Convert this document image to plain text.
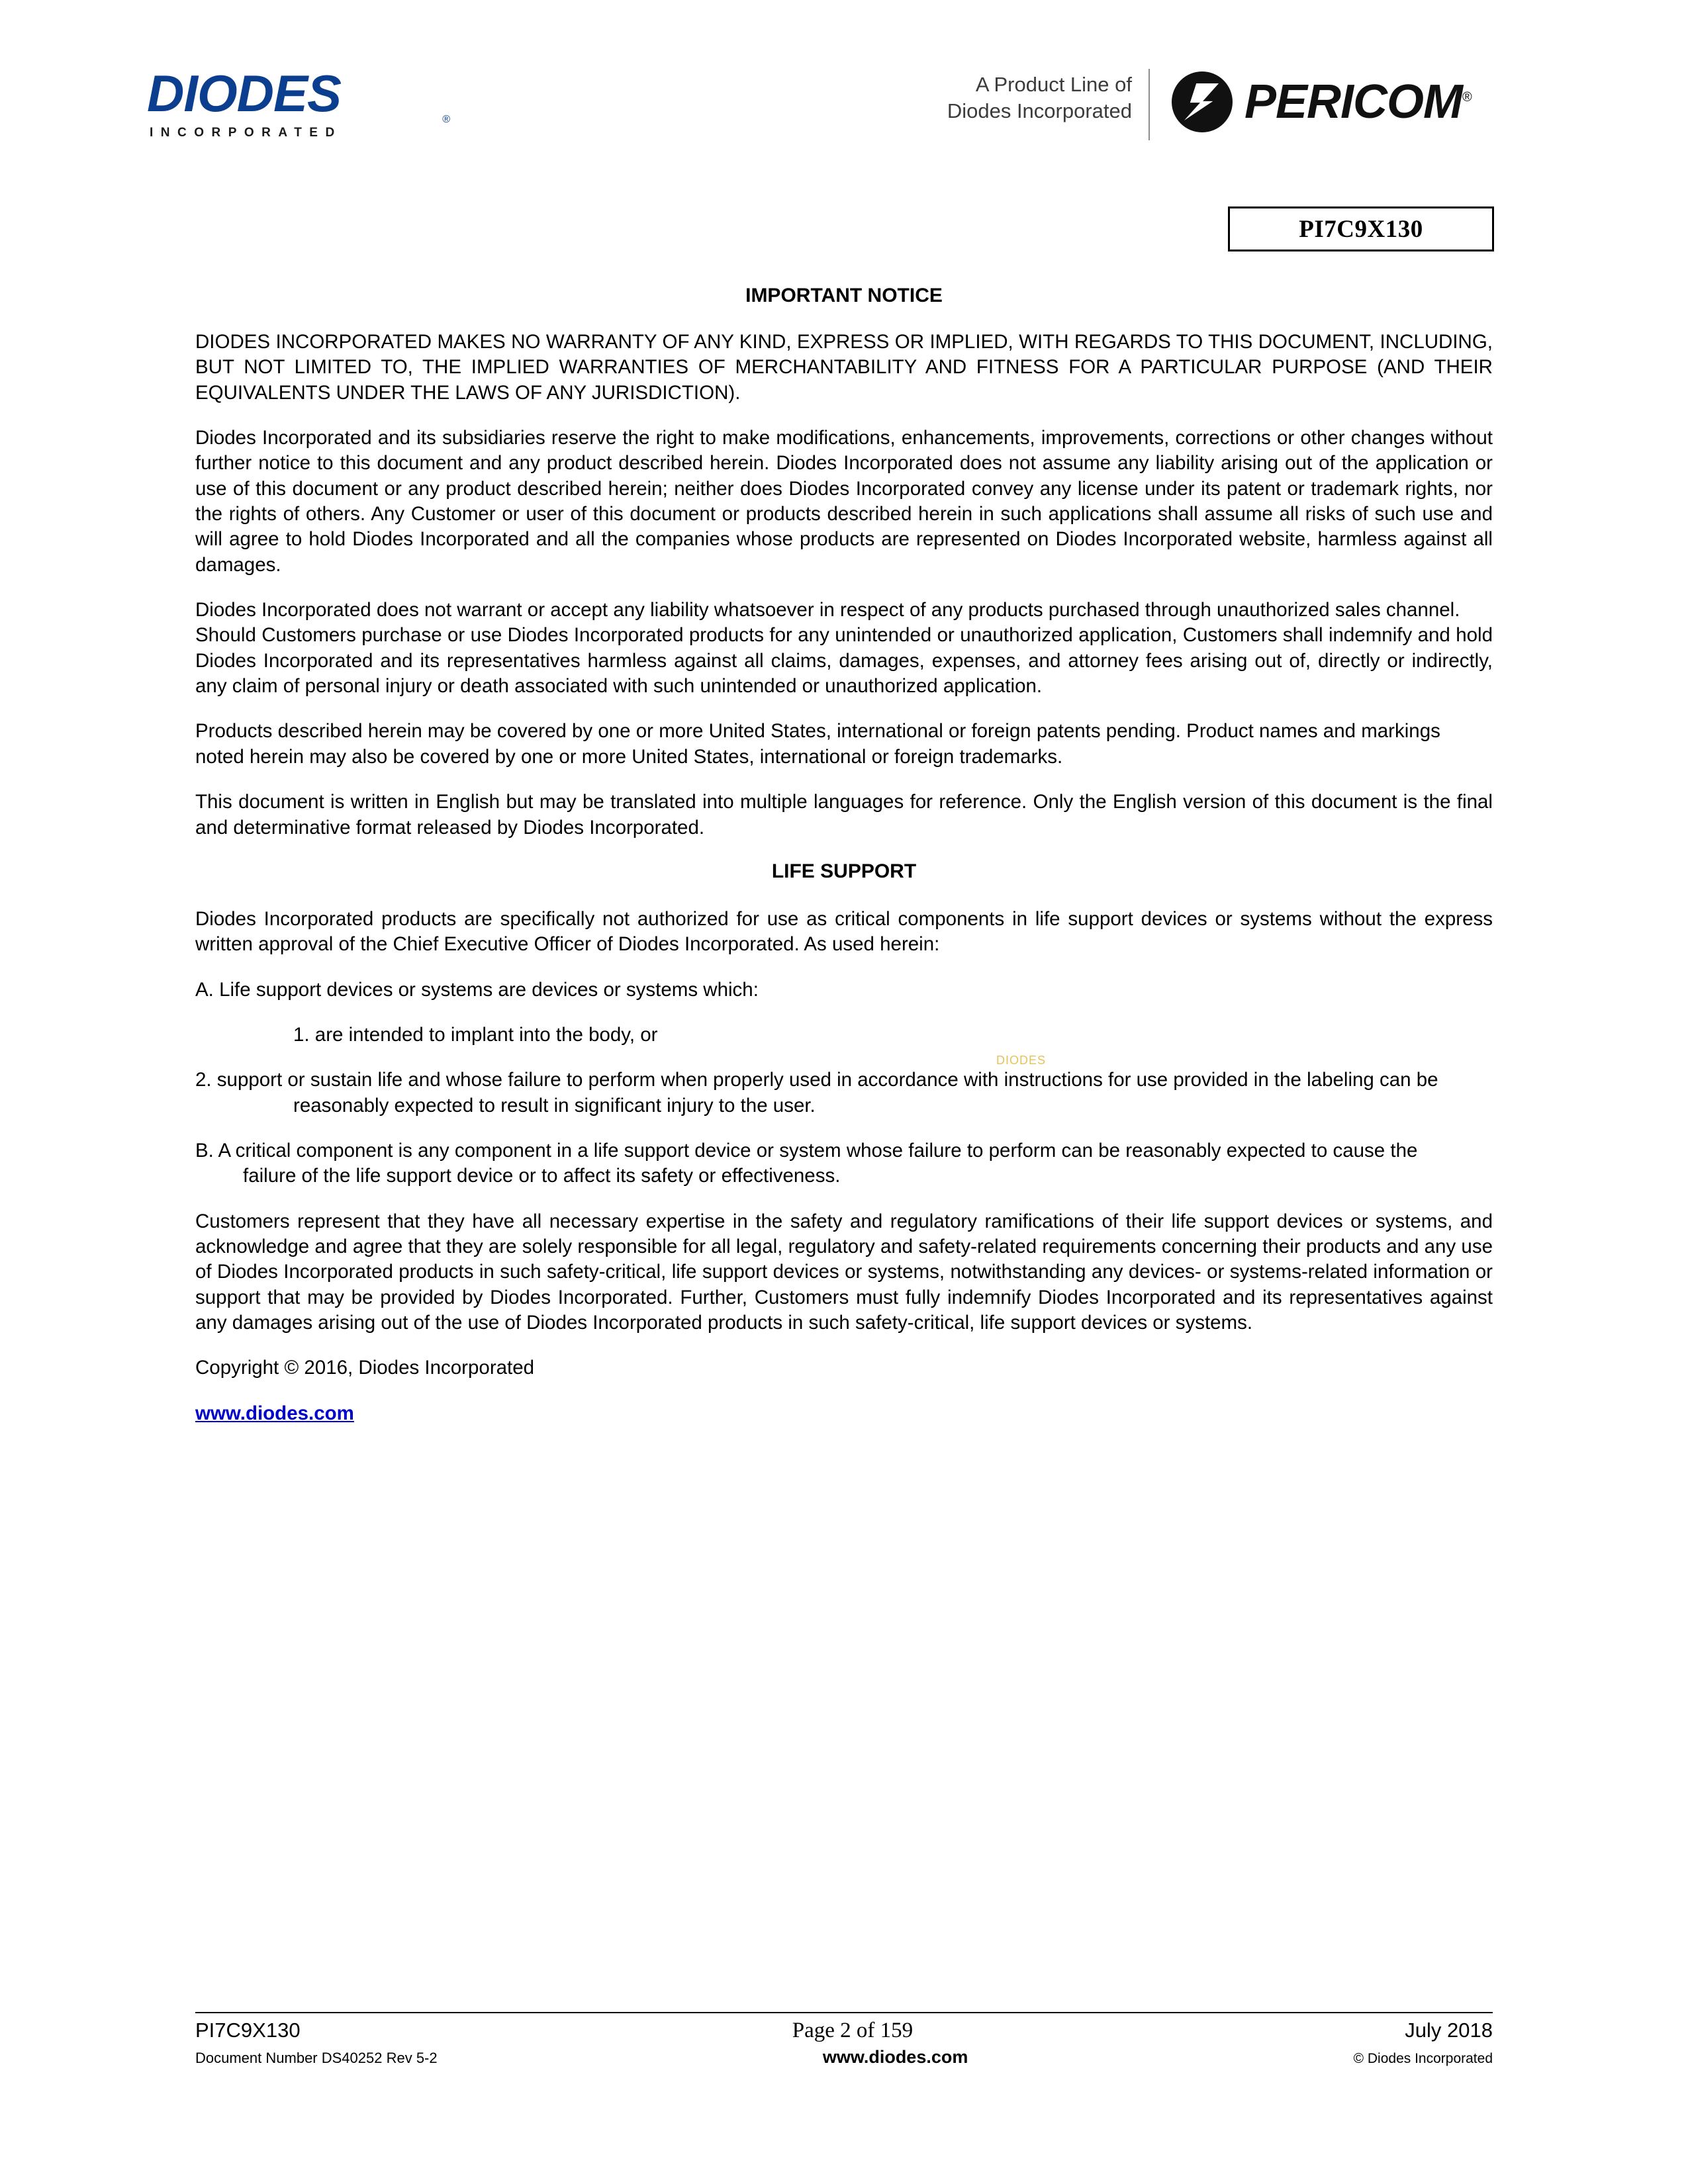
DIODES
INCORPORATED
®
A Product Line of
Diodes Incorporated PERICOM®
PI7C9X130
IMPORTANT NOTICE

DIODES INCORPORATED MAKES NO WARRANTY OF ANY KIND, EXPRESS OR IMPLIED, WITH REGARDS TO THIS DOCUMENT, INCLUDING, BUT NOT LIMITED TO, THE IMPLIED WARRANTIES OF MERCHANTABILITY AND FITNESS FOR A PARTICULAR PURPOSE (AND THEIR EQUIVALENTS UNDER THE LAWS OF ANY JURISDICTION).

Diodes Incorporated and its subsidiaries reserve the right to make modifications, enhancements, improvements, corrections or other changes without further notice to this document and any product described herein. Diodes Incorporated does not assume any liability arising out of the application or use of this document or any product described herein; neither does Diodes Incorporated convey any license under its patent or trademark rights, nor the rights of others. Any Customer or user of this document or products described herein in such applications shall assume all risks of such use and will agree to hold Diodes Incorporated and all the companies whose products are represented on Diodes Incorporated website, harmless against all damages.

Diodes Incorporated does not warrant or accept any liability whatsoever in respect of any products purchased through unauthorized sales channel.

Should Customers purchase or use Diodes Incorporated products for any unintended or unauthorized application, Customers shall indemnify and hold Diodes Incorporated and its representatives harmless against all claims, damages, expenses, and attorney fees arising out of, directly or indirectly, any claim of personal injury or death associated with such unintended or unauthorized application.

Products described herein may be covered by one or more United States, international or foreign patents pending. Product names and markings noted herein may also be covered by one or more United States, international or foreign trademarks.

This document is written in English but may be translated into multiple languages for reference. Only the English version of this document is the final and determinative format released by Diodes Incorporated.

LIFE SUPPORT

Diodes Incorporated products are specifically not authorized for use as critical components in life support devices or systems without the express written approval of the Chief Executive Officer of Diodes Incorporated. As used herein:

A. Life support devices or systems are devices or systems which:

1. are intended to implant into the body, or

2. support or sustain life and whose failure to perform when properly used in accordance with instructions for use provided in the labeling can be reasonably expected to result in significant injury to the user.

B. A critical component is any component in a life support device or system whose failure to perform can be reasonably expected to cause the

failure of the life support device or to affect its safety or effectiveness.

Customers represent that they have all necessary expertise in the safety and regulatory ramifications of their life support devices or systems, and acknowledge and agree that they are solely responsible for all legal, regulatory and safety-related requirements concerning their products and any use of Diodes Incorporated products in such safety-critical, life support devices or systems, notwithstanding any devices- or systems-related information or support that may be provided by Diodes Incorporated. Further, Customers must fully indemnify Diodes Incorporated and its representatives against any damages arising out of the use of Diodes Incorporated products in such safety-critical, life support devices or systems.

Copyright © 2016, Diodes Incorporated

www.diodes.com

DIODES
PI7C9X130	Page 2 of 159	July 2018
Document Number DS40252 Rev 5-2	www.diodes.com	© Diodes Incorporated
